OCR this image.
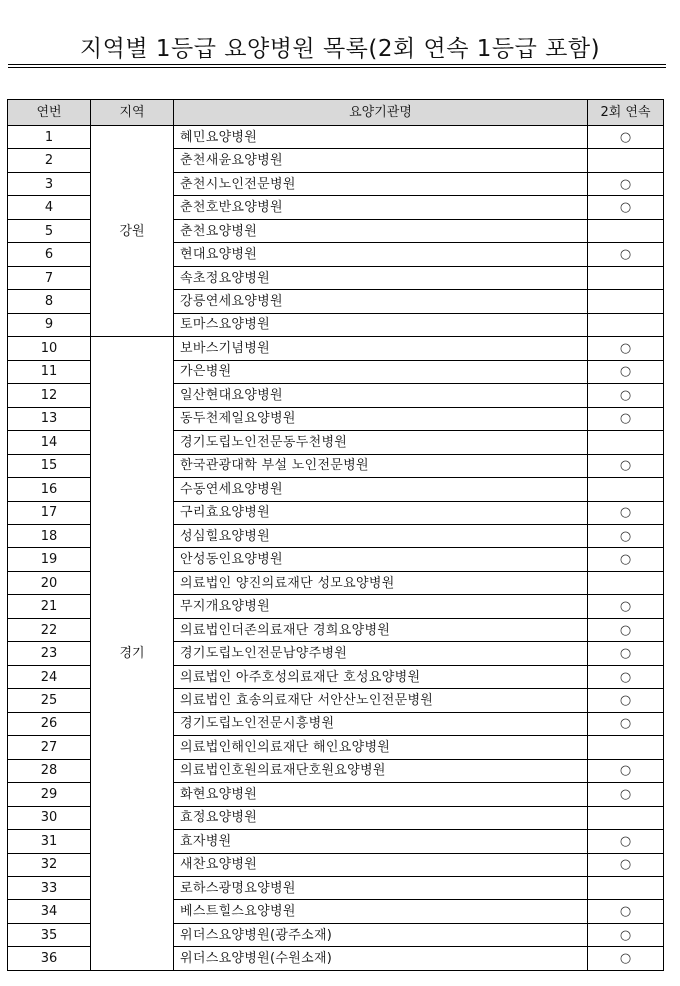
지역별 1등급 요양병원 목록(2회 연속 1등급 포함)
연번	지역	요양기관명	2회 연속
1	강원	혜민요양병원	○
2		춘천새윤요양병원	
3		춘천시노인전문병원	○
4		춘천호반요양병원	○
5		춘천요양병원	
6		현대요양병원	○
7		속초정요양병원	
8		강릉연세요양병원	
9		토마스요양병원	
10	경기	보바스기념병원	○
11		가은병원	○
12		일산현대요양병원	○
13		동두천제일요양병원	○
14		경기도립노인전문동두천병원	
15		한국관광대학 부설 노인전문병원	○
16		수동연세요양병원	
17		구리효요양병원	○
18		성심힐요양병원	○
19		안성동인요양병원	○
20		의료법인 양진의료재단 성모요양병원	
21		무지개요양병원	○
22		의료법인더존의료재단 경희요양병원	○
23		경기도립노인전문남양주병원	○
24		의료법인 아주호성의료재단 호성요양병원	○
25		의료법인 효송의료재단 서안산노인전문병원	○
26		경기도립노인전문시흥병원	○
27		의료법인해인의료재단 해인요양병원	
28		의료법인호원의료재단호원요양병원	○
29		화현요양병원	○
30		효정요양병원	
31		효자병원	○
32		새찬요양병원	○
33		로하스광명요양병원	
34		베스트힐스요양병원	○
35		위더스요양병원(광주소재)	○
36		위더스요양병원(수원소재)	○
